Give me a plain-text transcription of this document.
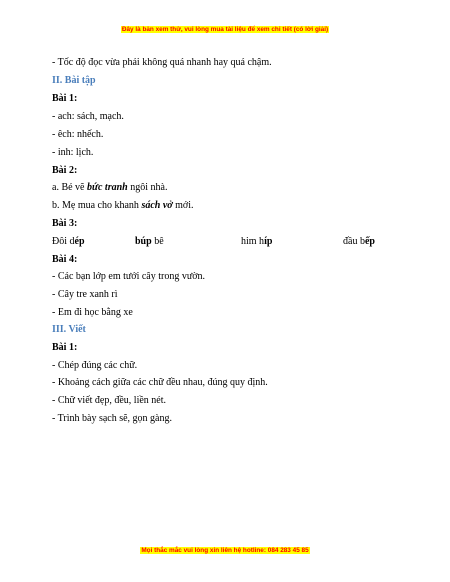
Đây là bản xem thử, vui lòng mua tài liệu để xem chi tiết (có lời giải)
- Tốc độ đọc vừa phải không quá nhanh hay quá chậm.
II. Bài tập
Bài 1:
- ach: sách, mạch.
- êch: nhếch.
- inh: lịch.
Bài 2:
a. Bé vẽ bức tranh ngôi nhà.
b. Mẹ mua cho khanh sách vở mới.
Bài 3:
Đôi dép	búp bê	him híp	đầu bếp
Bài 4:
- Các bạn lớp em tưới cây trong vườn.
- Cây tre xanh rì
- Em đi học bằng xe
III. Viết
Bài 1:
- Chép đúng các chữ.
- Khoảng cách giữa các chữ đều nhau, đúng quy định.
- Chữ viết đẹp, đều, liền nét.
- Trình bày sạch sẽ, gọn gàng.
Mọi thắc mắc vui lòng xin liên hệ hotline: 084 283 45 85
